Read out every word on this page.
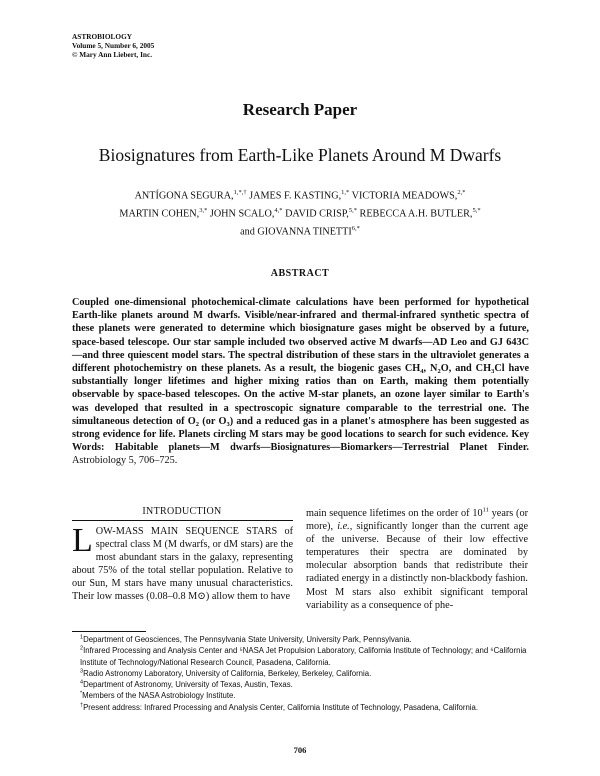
ASTROBIOLOGY
Volume 5, Number 6, 2005
© Mary Ann Liebert, Inc.
Research Paper
Biosignatures from Earth-Like Planets Around M Dwarfs
ANTÍGONA SEGURA,$^{1,*,\dagger}$ JAMES F. KASTING,$^{1,*}$ VICTORIA MEADOWS,$^{2,*}$
MARTIN COHEN,$^{3,*}$ JOHN SCALO,$^{4,*}$ DAVID CRISP,$^{5,*}$ REBECCA A.H. BUTLER,$^{5,*}$
and GIOVANNA $TINETTI^{6,*}$
ABSTRACT
Coupled one-dimensional photochemical-climate calculations have been performed for hypothetical Earth-like planets around M dwarfs. Visible/near-infrared and thermal-infrared synthetic spectra of these planets were generated to determine which biosignature gases might be observed by a future, space-based telescope. Our star sample included two observed active M dwarfs—AD Leo and GJ 643C—and three quiescent model stars. The spectral distribution of these stars in the ultraviolet generates a different photochemistry on these planets. As a result, the biogenic gases $CH_4$, $N_2O$, and $CH_3Cl$ have substantially longer lifetimes and higher mixing ratios than on Earth, making them potentially observable by space-based telescopes. On the active M-star planets, an ozone layer similar to Earth's was developed that resulted in a spectroscopic signature comparable to the terrestrial one. The simultaneous detection of $O_2$ (or $O_3$) and a reduced gas in a planet's atmosphere has been suggested as strong evidence for life. Planets circling M stars may be good locations to search for such evidence. Key Words: Habitable planets—M dwarfs—Biosignatures—Biomarkers—Terrestrial Planet Finder. Astrobiology 5, 706–725.
INTRODUCTION
LOW-MASS MAIN SEQUENCE STARS of spectral class M (M dwarfs, or dM stars) are the most abundant stars in the galaxy, representing about 75% of the total stellar population. Relative to our Sun, M stars have many unusual characteristics. Their low masses (0.08–0.8 M⊙) allow them to have
main sequence lifetimes on the order of $10^{11}$ years (or more), i.e., significantly longer than the current age of the universe. Because of their low effective temperatures their spectra are dominated by molecular absorption bands that redistribute their radiated energy in a distinctly non-blackbody fashion. Most M stars also exhibit significant temporal variability as a consequence of phe-
$^1$Department of Geosciences, The Pennsylvania State University, University Park, Pennsylvania.
$^2$Infrared Processing and Analysis Center and ⁵NASA Jet Propulsion Laboratory, California Institute of Technology; and ⁶California Institute of Technology/National Research Council, Pasadena, California.
$^3$Radio Astronomy Laboratory, University of California, Berkeley, Berkeley, California.
$^4$Department of Astronomy, University of Texas, Austin, Texas.
*Members of the NASA Astrobiology Institute.
†Present address: Infrared Processing and Analysis Center, California Institute of Technology, Pasadena, California.
706
